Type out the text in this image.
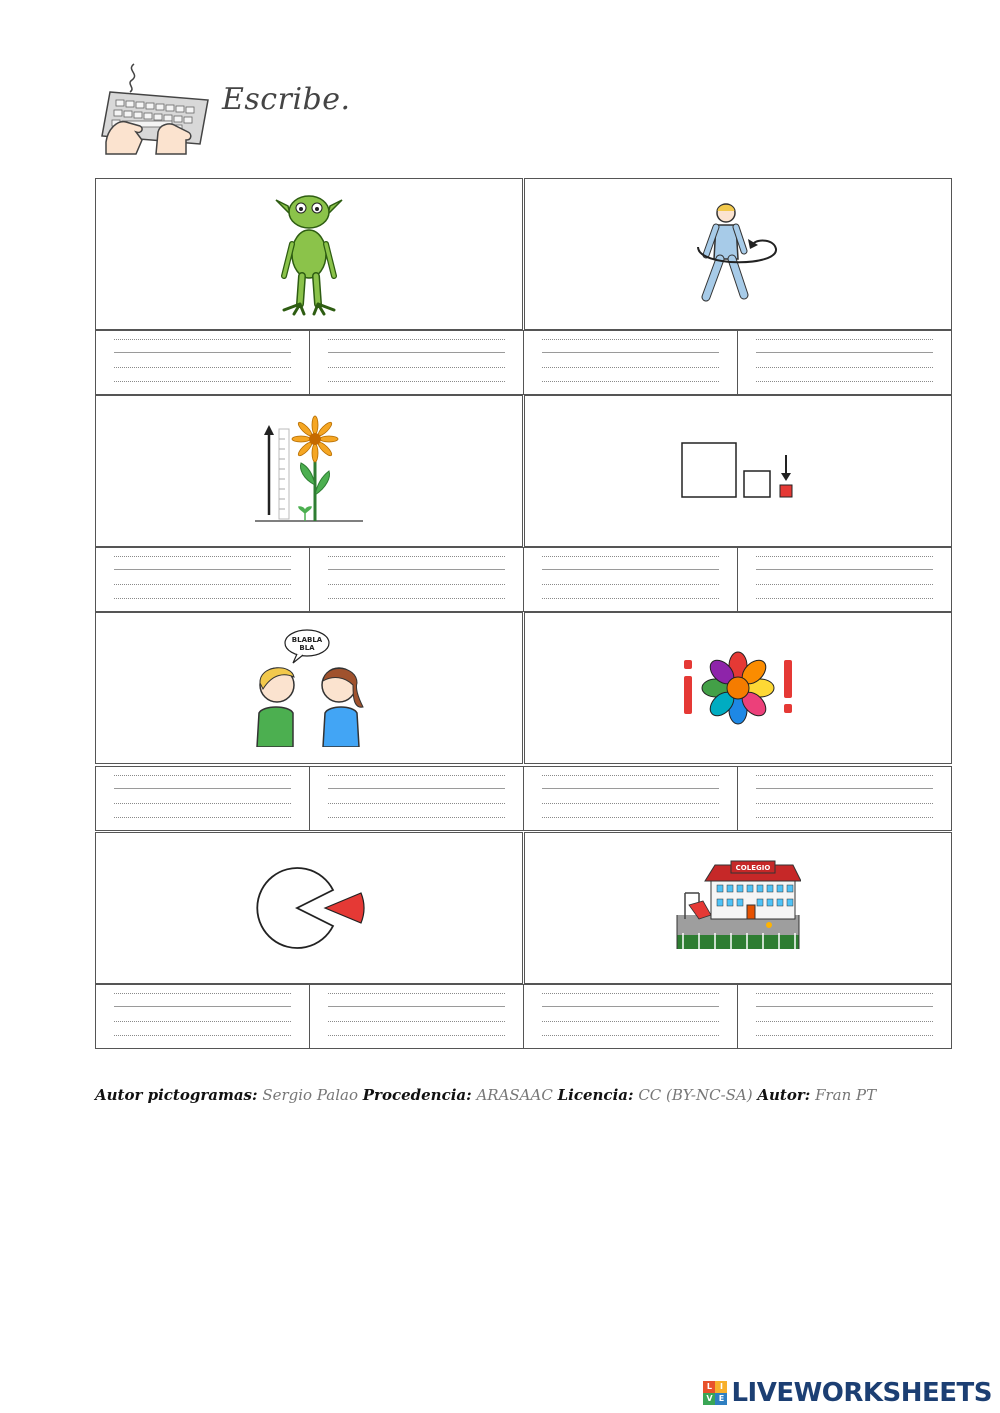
Escribe.
BLABLA
BLA
COLEGIO
Autor pictogramas: Sergio Palao Procedencia: ARASAAC Licencia: CC (BY-NC-SA) Autor: Fran PT
L I
V E LIVEWORKSHEETS
